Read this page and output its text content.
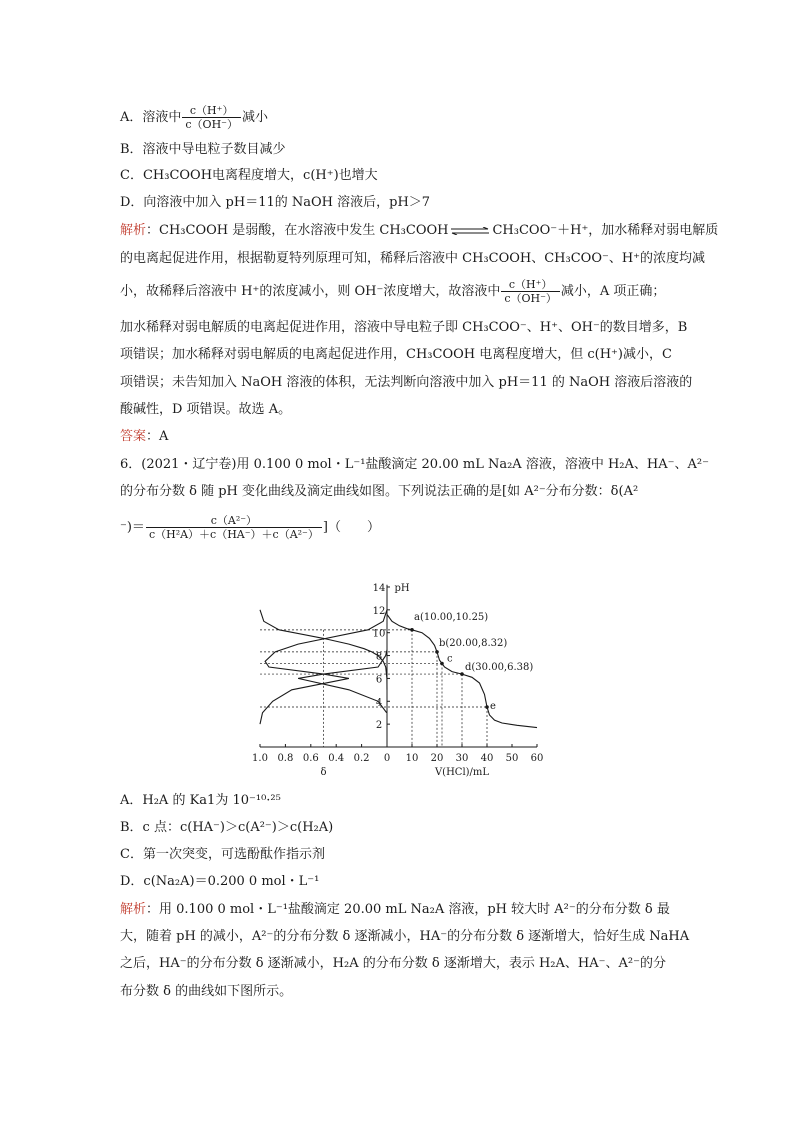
A．溶液中 $\frac{c(H^+)}{c(OH^-)}$ 减小
B．溶液中导电粒子数目减少
C．CH₃COOH电离程度增大，c(H⁺)也增大
D．向溶液中加入 pH＝11的 NaOH 溶液后，pH＞7
解析：CH₃COOH 是弱酸，在水溶液中发生 CH₃COOH ⇌ CH₃COO⁻＋H⁺，加水稀释对弱电解质
的电离起促进作用，根据勒夏特列原理可知，稀释后溶液中 CH₃COOH、CH₃COO⁻、H⁺的浓度均减
小，故稀释后溶液中 H⁺的浓度减小，则 OH⁻浓度增大，故溶液中 $\frac{c(H^+)}{c(OH^-)}$ 减小，A 项正确；
加水稀释对弱电解质的电离起促进作用，溶液中导电粒子即 CH₃COO⁻、H⁺、OH⁻的数目增多，B
项错误；加水稀释对弱电解质的电离起促进作用，CH₃COOH 电离程度增大，但 c(H⁺)减小，C
项错误；未告知加入 NaOH 溶液的体积，无法判断向溶液中加入 pH＝11 的 NaOH 溶液后溶液的
酸碱性，D 项错误。故选 A。
答案：A
6．(2021・辽宁卷)用 0.100 0 mol・L⁻¹盐酸滴定 20.00 mL Na₂A 溶液，溶液中 H₂A、HA⁻、A²⁻
的分布分数 δ 随 pH 变化曲线及滴定曲线如图。下列说法正确的是[如 A²⁻分布分数：δ(A²
⁻)＝ $\frac{\text{c（A²⁻）}}{\text{c（H²A）＋c（HA⁻）＋c（A²⁻）}}$ ]（　　）
2
4
6
8
10
12
14 pH
0 10 20 30 40 50 60
1.0 0.8 0.6 0.4 0.2
δ	V(HCl)/mL
a(10.00,10.25)
b(20.00,8.32)
c
d(30.00,6.38)
e
A．H₂A 的 Ka1为 10⁻¹⁰·²⁵
B．c 点：c(HA⁻)＞c(A²⁻)＞c(H₂A)
C．第一次突变，可选酚酞作指示剂
D．c(Na₂A)＝0.200 0 mol・L⁻¹
解析：用 0.100 0 mol・L⁻¹盐酸滴定 20.00 mL Na₂A 溶液，pH 较大时 A²⁻的分布分数 δ 最
大，随着 pH 的减小，A²⁻的分布分数 δ 逐渐减小，HA⁻的分布分数 δ 逐渐增大，恰好生成 NaHA
之后，HA⁻的分布分数 δ 逐渐减小，H₂A 的分布分数 δ 逐渐增大，表示 H₂A、HA⁻、A²⁻的分
布分数 δ 的曲线如下图所示。
